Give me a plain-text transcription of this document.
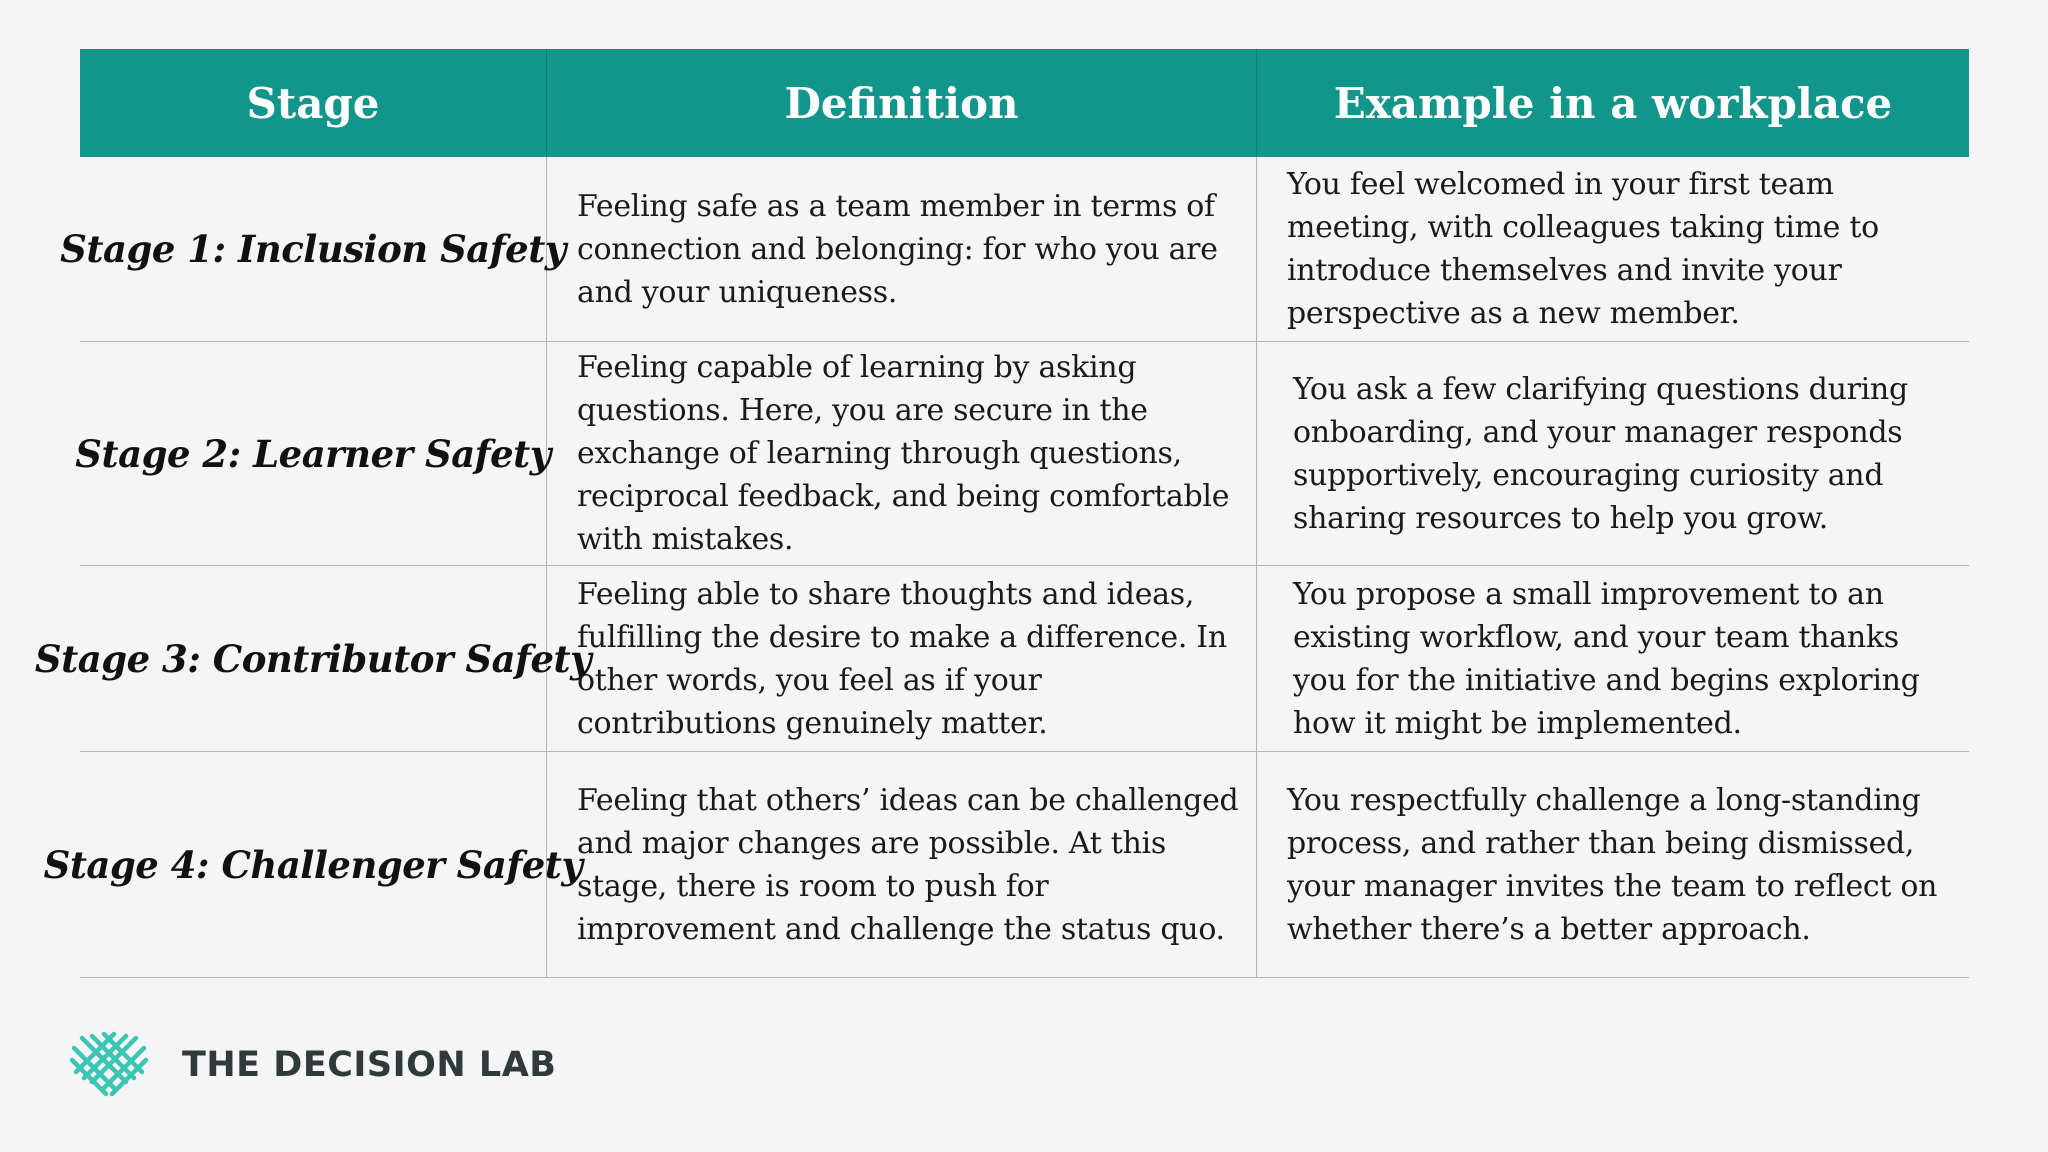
Stage	Definition	Example in a workplace
Stage 1: Inclusion Safety
Feeling safe as a team member in terms of connection and belonging: for who you are and your uniqueness.
You feel welcomed in your first team meeting, with colleagues taking time to introduce themselves and invite your perspective as a new member.
Stage 2: Learner Safety
Feeling capable of learning by asking questions. Here, you are secure in the exchange of learning through questions, reciprocal feedback, and being comfortable with mistakes.
You ask a few clarifying questions during onboarding, and your manager responds supportively, encouraging curiosity and sharing resources to help you grow.
Stage 3: Contributor Safety
Feeling able to share thoughts and ideas, fulfilling the desire to make a difference. In other words, you feel as if your contributions genuinely matter.
You propose a small improvement to an existing workflow, and your team thanks you for the initiative and begins exploring how it might be implemented.
Stage 4: Challenger Safety
Feeling that others’ ideas can be challenged and major changes are possible. At this stage, there is room to push for improvement and challenge the status quo.
You respectfully challenge a long-standing process, and rather than being dismissed, your manager invites the team to reflect on whether there’s a better approach.
THE DECISION LAB
